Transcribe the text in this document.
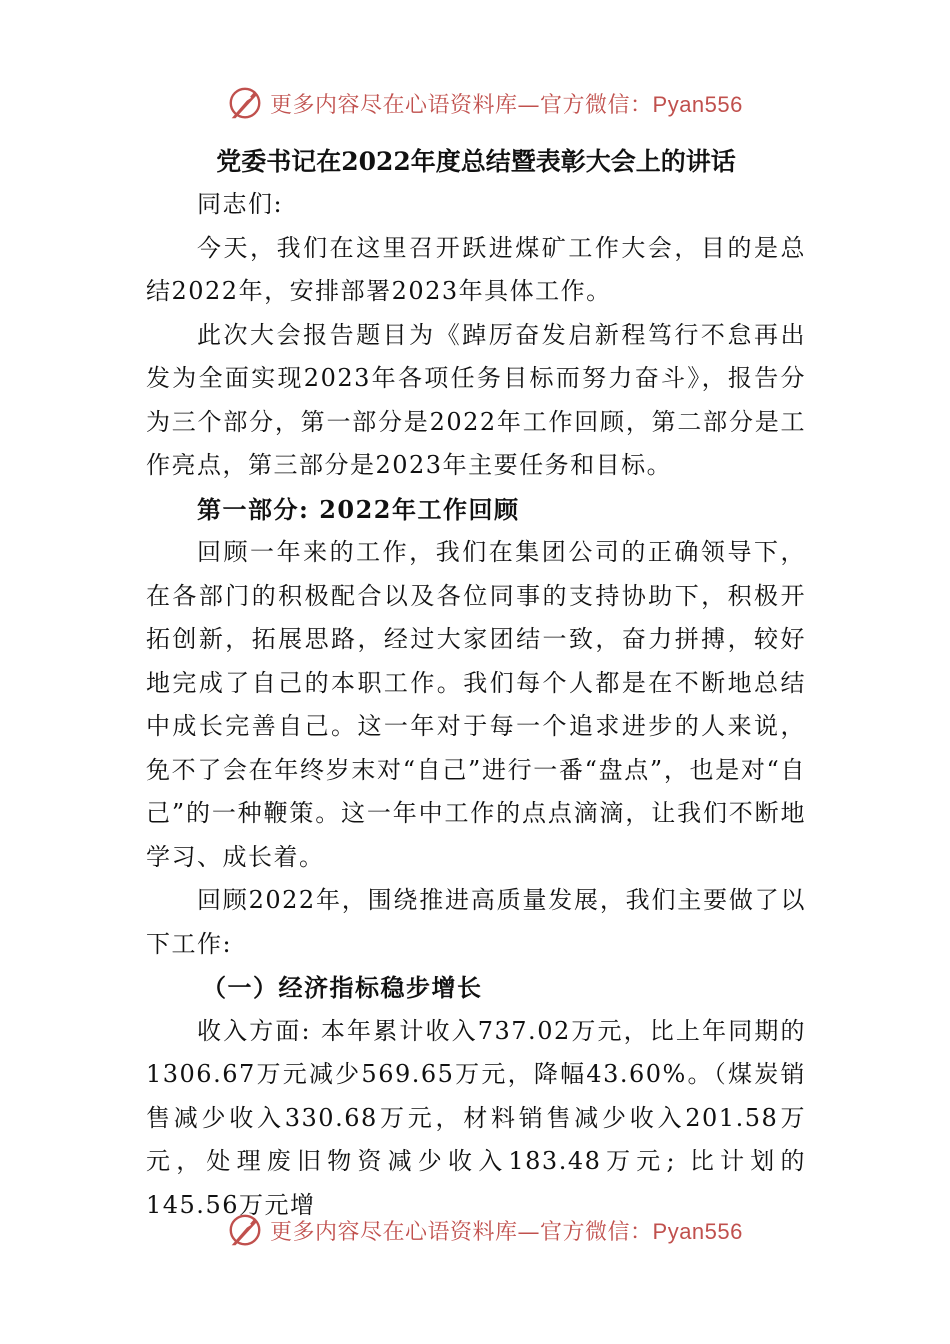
更多内容尽在心语资料库—官方微信：Pyan556
党委书记在2022年度总结暨表彰大会上的讲话

同志们:

今天，我们在这里召开跃进煤矿工作大会，目的是总结2022年，安排部署2023年具体工作。

此次大会报告题目为《踔厉奋发启新程笃行不怠再出发为全面实现2023年各项任务目标而努力奋斗》，报告分为三个部分，第一部分是2022年工作回顾，第二部分是工作亮点，第三部分是2023年主要任务和目标。

第一部分: 2022年工作回顾

回顾一年来的工作，我们在集团公司的正确领导下，在各部门的积极配合以及各位同事的支持协助下，积极开拓创新，拓展思路，经过大家团结一致，奋力拼搏，较好地完成了自己的本职工作。我们每个人都是在不断地总结中成长完善自己。这一年对于每一个追求进步的人来说，免不了会在年终岁末对“自己”进行一番“盘点”，也是对“自己”的一种鞭策。这一年中工作的点点滴滴，让我们不断地学习、成长着。

回顾2022年，围绕推进高质量发展，我们主要做了以下工作:

（一）经济指标稳步增长

收入方面: 本年累计收入737.02万元，比上年同期的1306.67万元减少569.65万元，降幅43.60%。（煤炭销售减少收入330.68万元，材料销售减少收入201.58万元，处理废旧物资减少收入183.48万元; 比计划的145.56万元增

更多内容尽在心语资料库—官方微信：Pyan556
